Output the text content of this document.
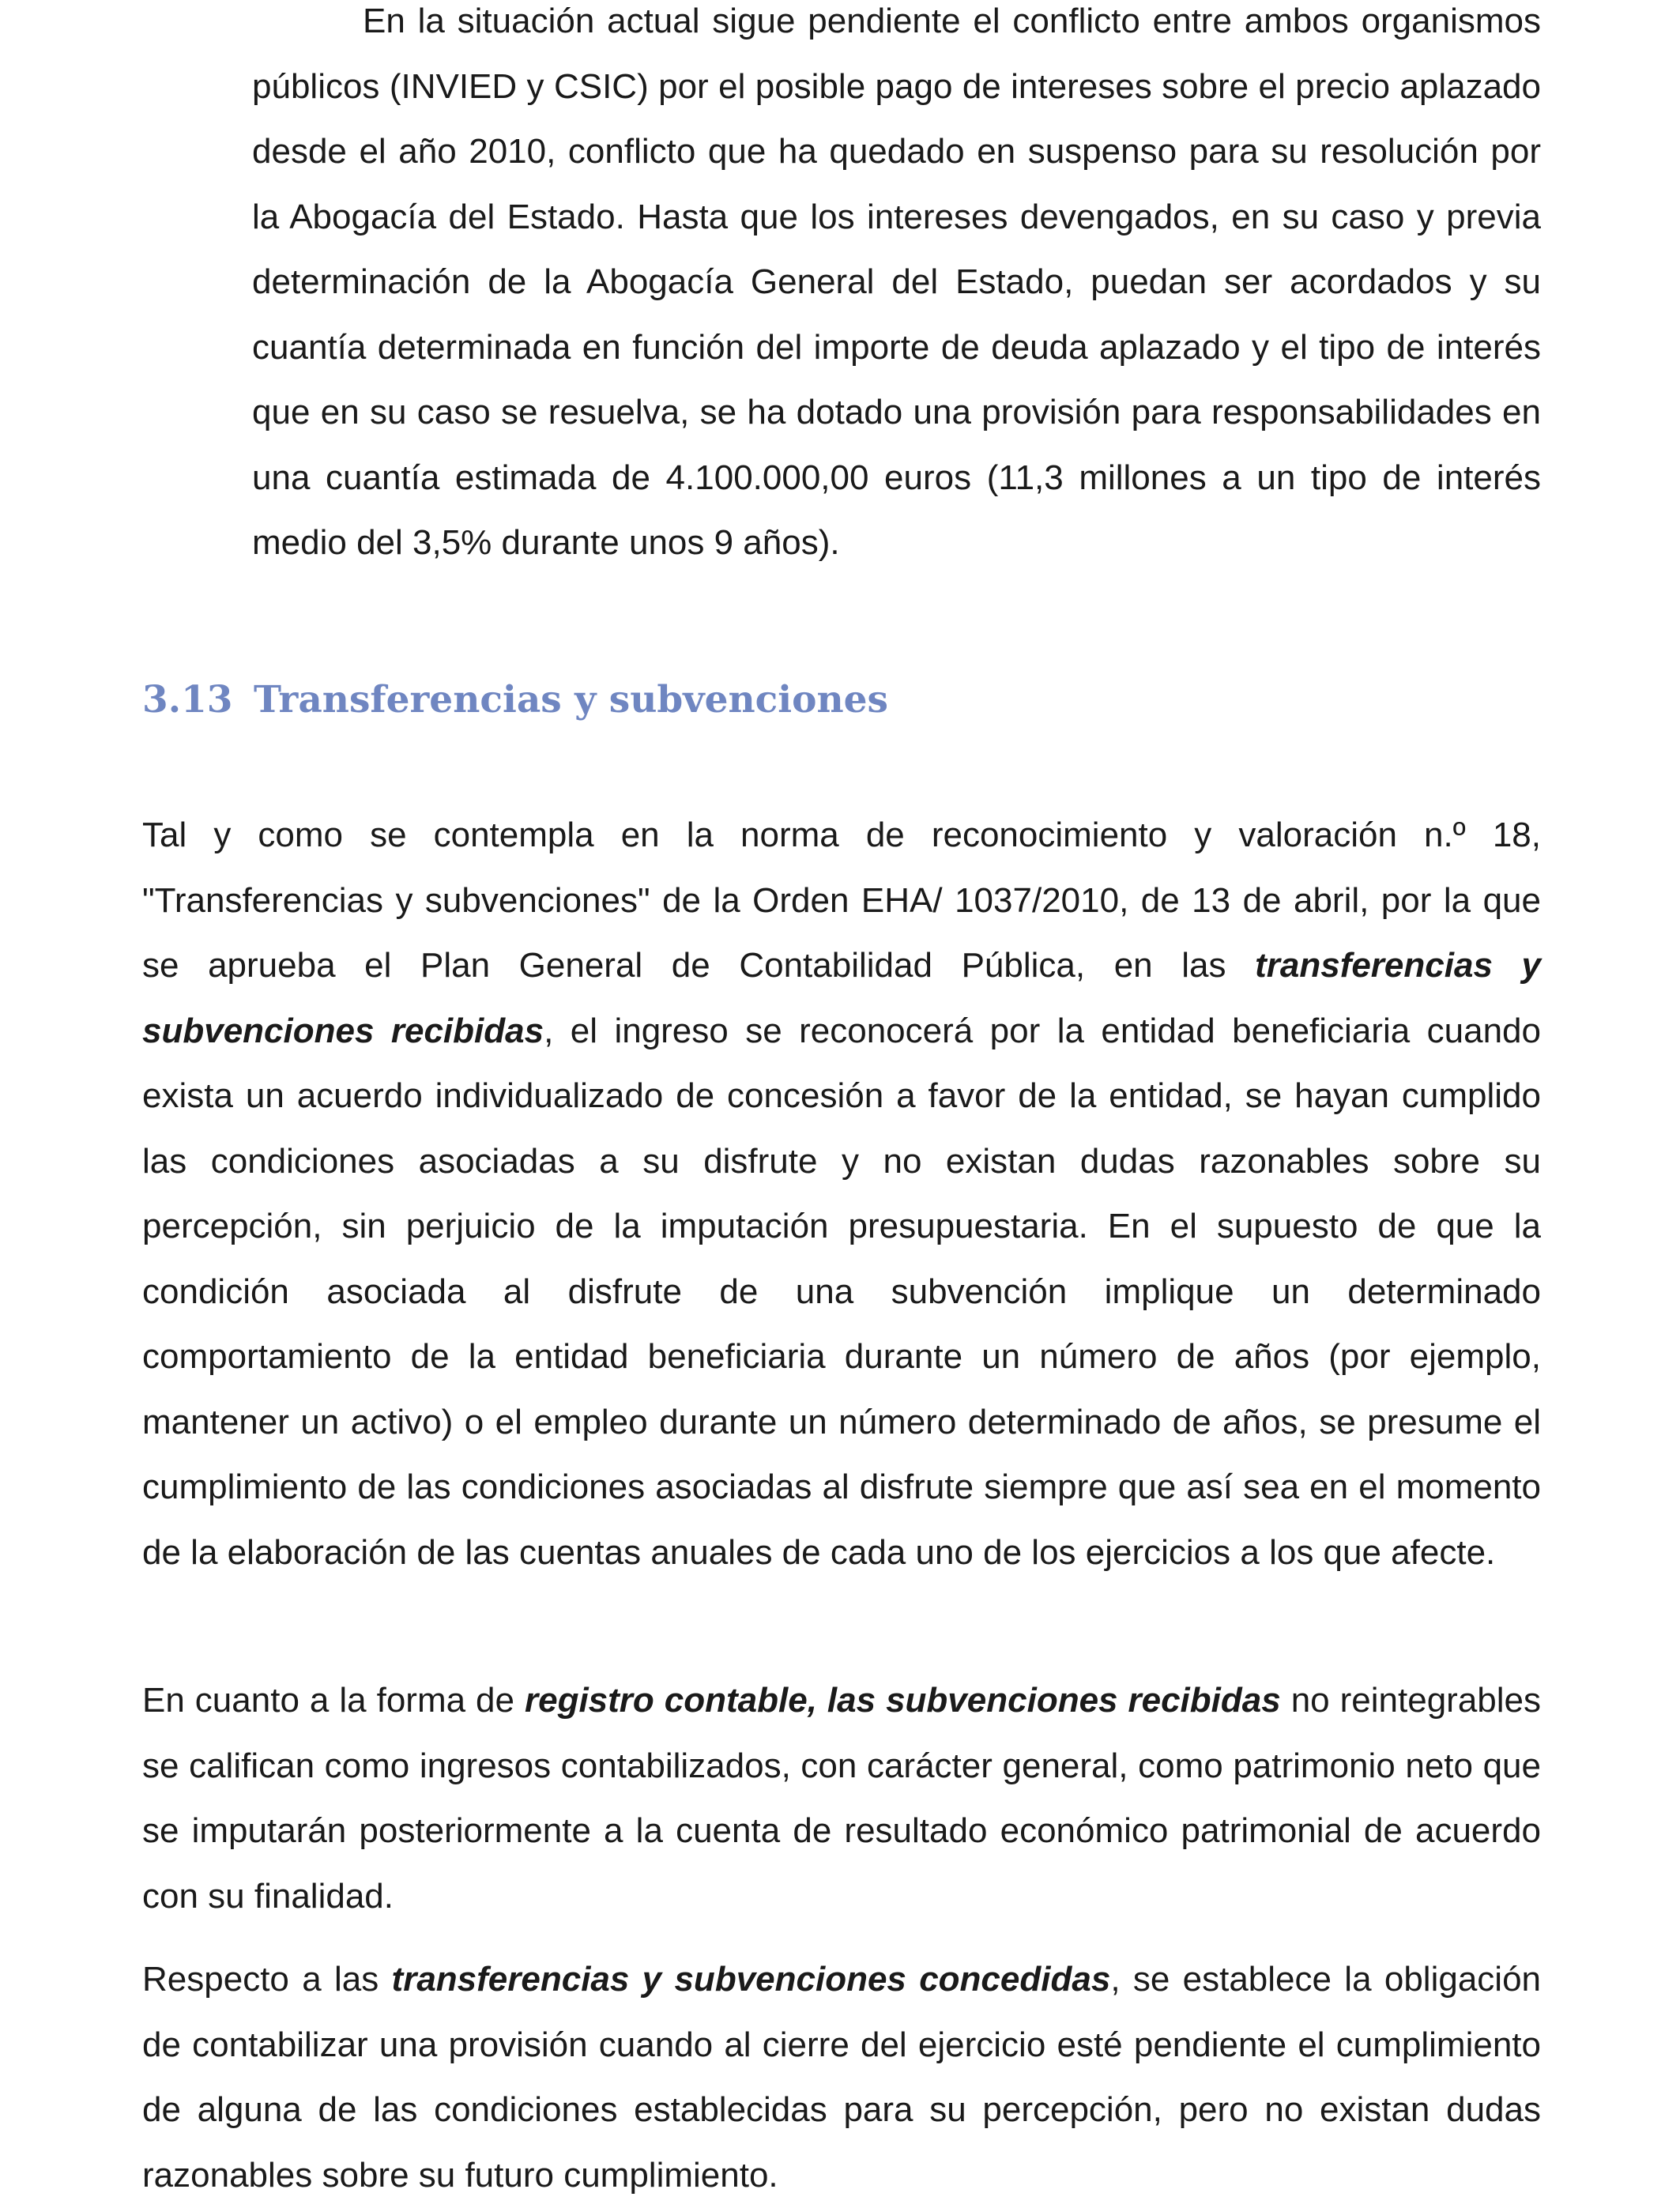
En la situación actual sigue pendiente el conflicto entre ambos organismos públicos (INVIED y CSIC) por el posible pago de intereses sobre el precio aplazado desde el año 2010, conflicto que ha quedado en suspenso para su resolución por la Abogacía del Estado. Hasta que los intereses devengados, en su caso y previa determinación de la Abogacía General del Estado, puedan ser acordados y su cuantía determinada en función del importe de deuda aplazado y el tipo de interés que en su caso se resuelva, se ha dotado una provisión para responsabilidades en una cuantía estimada de 4.100.000,00 euros (11,3 millones a un tipo de interés medio del 3,5% durante unos 9 años).

3.13 Transferencias y subvenciones

Tal y como se contempla en la norma de reconocimiento y valoración n.º 18, "Transferencias y subvenciones" de la Orden EHA/ 1037/2010, de 13 de abril, por la que se aprueba el Plan General de Contabilidad Pública, en las transferencias y subvenciones recibidas, el ingreso se reconocerá por la entidad beneficiaria cuando exista un acuerdo individualizado de concesión a favor de la entidad, se hayan cumplido las condiciones asociadas a su disfrute y no existan dudas razonables sobre su percepción, sin perjuicio de la imputación presupuestaria. En el supuesto de que la condición asociada al disfrute de una subvención implique un determinado comportamiento de la entidad beneficiaria durante un número de años (por ejemplo, mantener un activo) o el empleo durante un número determinado de años, se presume el cumplimiento de las condiciones asociadas al disfrute siempre que así sea en el momento de la elaboración de las cuentas anuales de cada uno de los ejercicios a los que afecte.

En cuanto a la forma de registro contable, las subvenciones recibidas no reintegrables se califican como ingresos contabilizados, con carácter general, como patrimonio neto que se imputarán posteriormente a la cuenta de resultado económico patrimonial de acuerdo con su finalidad.

Respecto a las transferencias y subvenciones concedidas, se establece la obligación de contabilizar una provisión cuando al cierre del ejercicio esté pendiente el cumplimiento de alguna de las condiciones establecidas para su percepción, pero no existan dudas razonables sobre su futuro cumplimiento.
